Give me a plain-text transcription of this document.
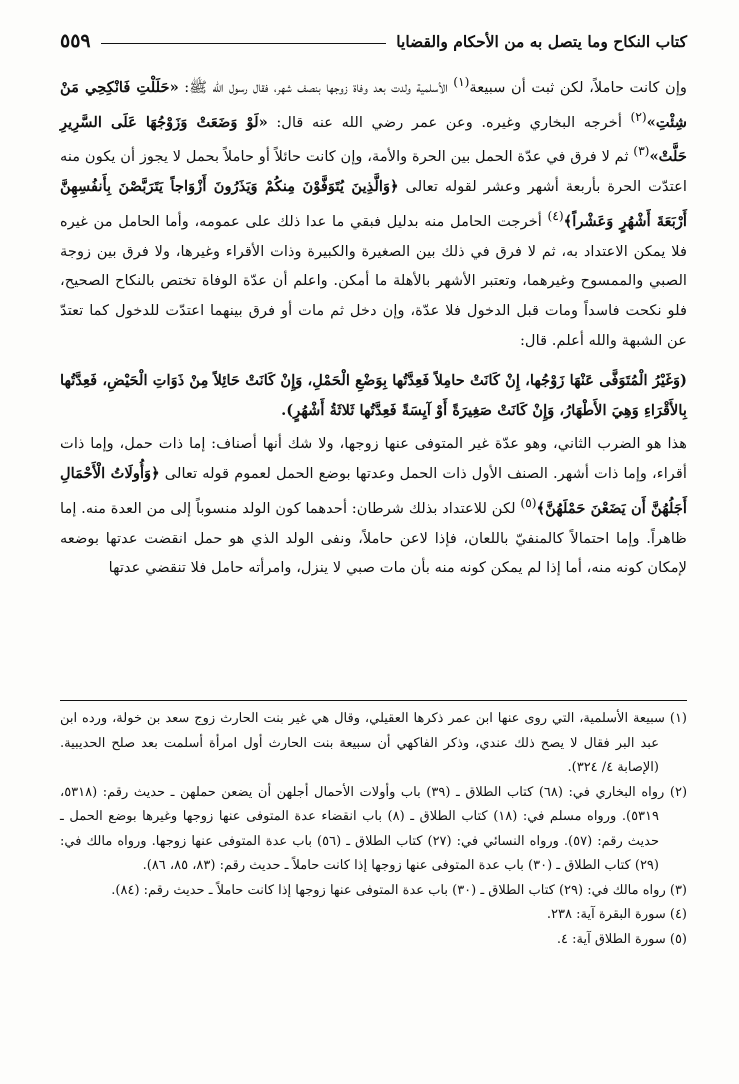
كتاب النكاح وما يتصل به من الأحكام والقضايا
٥٥٩

وإن كانت حاملاً، لكن ثبت أن سبيعة$^{(١)}$ الأسلمية ولدت بعد وفاة زوجها بنصف شهر، فقال رسول الله ﷺ: «حَلَلْتِ فَانْكِحِي مَنْ شِئْتِ»$^{(٢)}$ أخرجه البخاري وغيره. وعن عمر رضي الله عنه قال: «لَوْ وَضَعَتْ وَزَوْجُهَا عَلَى السَّرِيرِ حَلَّتْ»$^{(٣)}$ ثم لا فرق في عدّة الحمل بين الحرة والأمة، وإن كانت حائلاً أو حاملاً بحمل لا يجوز أن يكون منه اعتدّت الحرة بأربعة أشهر وعشر لقوله تعالى ﴿وَالَّذِينَ يُتَوَفَّوْنَ مِنكُمْ وَيَذَرُونَ أَزْوَاجاً يَتَرَبَّصْنَ بِأَنفُسِهِنَّ أَرْبَعَةَ أَشْهُرٍ وَعَشْراً﴾$^{(٤)}$ أخرجت الحامل منه بدليل فبقي ما عدا ذلك على عمومه، وأما الحامل من غيره فلا يمكن الاعتداد به، ثم لا فرق في ذلك بين الصغيرة والكبيرة وذات الأقراء وغيرها، ولا فرق بين زوجة الصبي والممسوح وغيرهما، وتعتبر الأشهر بالأهلة ما أمكن. واعلم أن عدّة الوفاة تختص بالنكاح الصحيح، فلو نكحت فاسداً ومات قبل الدخول فلا عدّة، وإن دخل ثم مات أو فرق بينهما اعتدّت للدخول كما تعتدّ عن الشبهة والله أعلم. قال:

(وَغَيْرُ الْمُتَوَفَّى عَنْهَا زَوْجُها، إِنْ كَانَتْ حامِلاً فَعِدَّتُها بِوَضْعِ الْحَمْلِ، وَإِنْ كَانَتْ حَائِلاً مِنْ ذَوَاتِ الْحَيْضِ، فَعِدَّتُها بِالأَقْرَاءِ وَهِيَ الأَطْهَارُ، وَإِنْ كَانَتْ صَغِيرَةً أَوْ آيِسَةً فَعِدَّتُها ثَلاثَةُ أَشْهُرٍ).

هذا هو الضرب الثاني، وهو عدّة غير المتوفى عنها زوجها، ولا شك أنها أصناف: إما ذات حمل، وإما ذات أقراء، وإما ذات أشهر. الصنف الأول ذات الحمل وعدتها بوضع الحمل لعموم قوله تعالى ﴿وَأُولَاتُ الْأَحْمَالِ أَجَلُهُنَّ أَن يَضَعْنَ حَمْلَهُنَّ﴾$^{(٥)}$ لكن للاعتداد بذلك شرطان: أحدهما كون الولد منسوباً إلى من العدة منه. إما ظاهراً. وإما احتمالاً كالمنفيّ باللعان، فإذا لاعن حاملاً، ونفى الولد الذي هو حمل انقضت عدتها بوضعه لإمكان كونه منه، أما إذا لم يمكن كونه منه بأن مات صبي لا ينزل، وامرأته حامل فلا تنقضي عدتها

(١) سبيعة الأسلمية، التي روى عنها ابن عمر ذكرها العقيلي، وقال هي غير بنت الحارث زوج سعد بن خولة، ورده ابن عبد البر فقال لا يصح ذلك عندي، وذكر الفاكهي أن سبيعة بنت الحارث أول امرأة أسلمت بعد صلح الحديبية. (الإصابة ٤/ ٣٢٤).

(٢) رواه البخاري في: (٦٨) كتاب الطلاق ـ (٣٩) باب وأولات الأحمال أجلهن أن يضعن حملهن ـ حديث رقم: (٥٣١٨، ٥٣١٩). ورواه مسلم في: (١٨) كتاب الطلاق ـ (٨) باب انقضاء عدة المتوفى عنها زوجها وغيرها بوضع الحمل ـ حديث رقم: (٥٧). ورواه النسائي في: (٢٧) كتاب الطلاق ـ (٥٦) باب عدة المتوفى عنها زوجها. ورواه مالك في: (٢٩) كتاب الطلاق ـ (٣٠) باب عدة المتوفى عنها زوجها إذا كانت حاملاً ـ حديث رقم: (٨٣، ٨٥، ٨٦).

(٣) رواه مالك في: (٢٩) كتاب الطلاق ـ (٣٠) باب عدة المتوفى عنها زوجها إذا كانت حاملاً ـ حديث رقم: (٨٤).

(٤) سورة البقرة آية: ٢٣٨.

(٥) سورة الطلاق آية: ٤.
